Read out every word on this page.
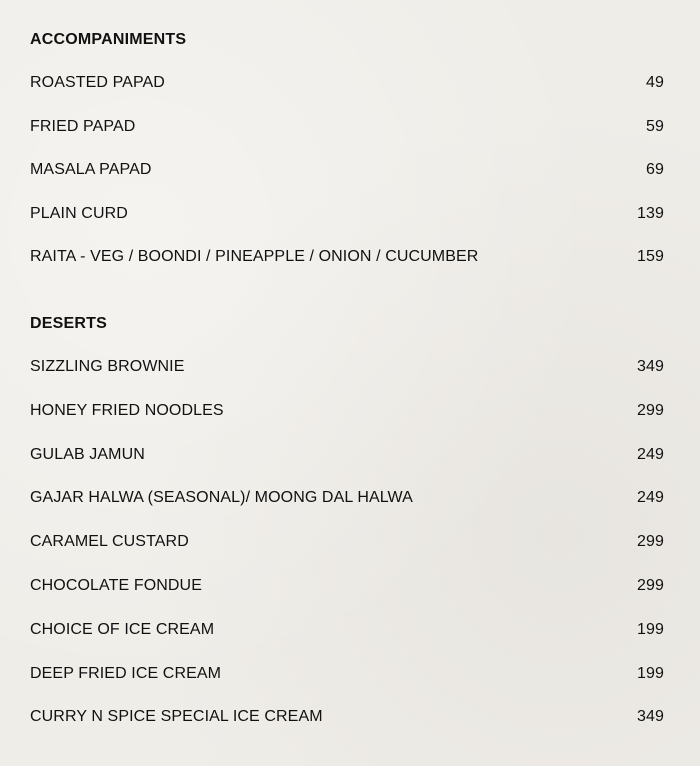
ACCOMPANIMENTS
ROASTED PAPAD	49
FRIED PAPAD	59
MASALA PAPAD	69
PLAIN CURD	139
RAITA - VEG / BOONDI / PINEAPPLE / ONION / CUCUMBER	159
DESERTS
SIZZLING BROWNIE	349
HONEY FRIED NOODLES	299
GULAB JAMUN	249
GAJAR HALWA (SEASONAL)/ MOONG DAL HALWA	249
CARAMEL CUSTARD	299
CHOCOLATE FONDUE	299
CHOICE OF ICE CREAM	199
DEEP FRIED ICE CREAM	199
CURRY N SPICE SPECIAL ICE CREAM	349
